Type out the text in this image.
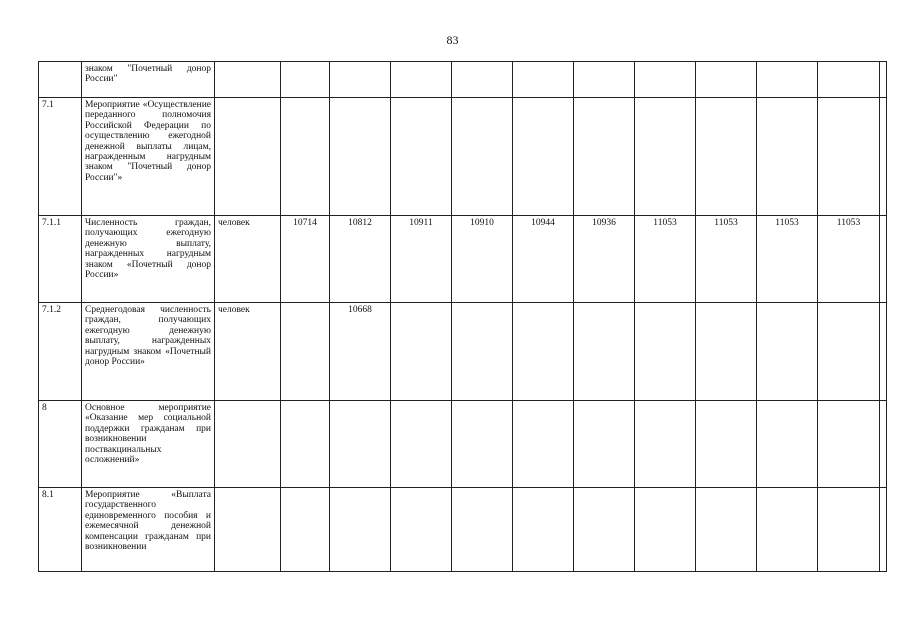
83
	знаком "Почетный донор России"												
7.1	Мероприятие «Осуществление переданного полномочия Российской Федерации по осуществлению ежегодной денежной выплаты лицам, награжденным нагрудным знаком "Почетный донор России"»												
7.1.1	Численность граждан, получающих ежегодную денежную выплату, награжденных нагрудным знаком «Почетный донор России»	человек	10714	10812	10911	10910	10944	10936	11053	11053	11053	11053	
7.1.2	Среднегодовая численность граждан, получающих ежегодную денежную выплату, награжденных нагрудным знаком «Почетный донор России»	человек		10668									
8	Основное мероприятие «Оказание мер социальной поддержки гражданам при возникновении поствакцинальных осложнений»												
8.1	Мероприятие «Выплата государственного единовременного пособия и ежемесячной денежной компенсации гражданам при возникновении												
